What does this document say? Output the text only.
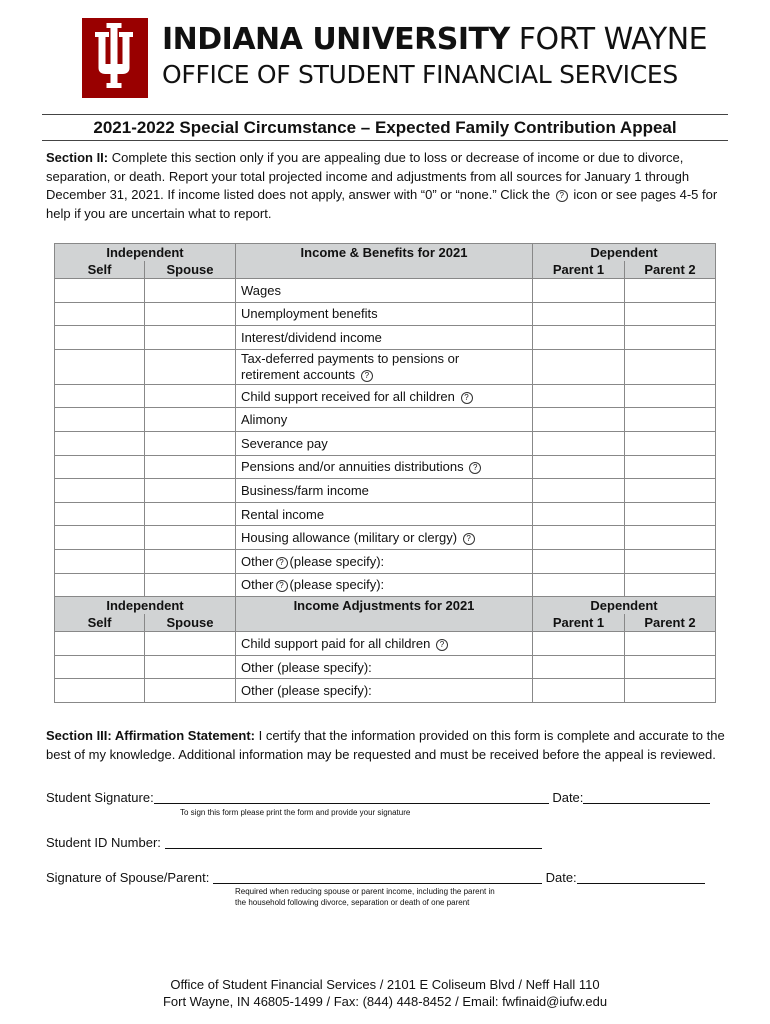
INDIANA UNIVERSITY FORT WAYNE
OFFICE OF STUDENT FINANCIAL SERVICES
2021-2022 Special Circumstance – Expected Family Contribution Appeal
Section II: Complete this section only if you are appealing due to loss or decrease of income or due to divorce, separation, or death. Report your total projected income and adjustments from all sources for January 1 through December 31, 2021. If income listed does not apply, answer with “0” or “none.” Click the ? icon or see pages 4-5 for help if you are uncertain what to report.
Independent		Income & Benefits for 2021	Dependent	
Self	Spouse		Parent 1	Parent 2
		Wages		
		Unemployment benefits		
		Interest/dividend income		
		Tax-deferred payments to pensions or
retirement accounts ?		
		Child support received for all children ?		
		Alimony		
		Severance pay		
		Pensions and/or annuities distributions ?		
		Business/farm income		
		Rental income		
		Housing allowance (military or clergy) ?		
		Other ? (please specify):		
		Other ? (please specify):		
Independent		Income Adjustments for 2021	Dependent	
Self	Spouse		Parent 1	Parent 2
		Child support paid for all children ?		
		Other (please specify):		
		Other (please specify):		
Section III: Affirmation Statement: I certify that the information provided on this form is complete and accurate to the best of my knowledge. Additional information may be requested and must be received before the appeal is reviewed.
Student Signature:	Date:
To sign this form please print the form and provide your signature
Student ID Number:
Signature of Spouse/Parent:	Date:
Required when reducing spouse or parent income, including the parent in
the household following divorce, separation or death of one parent
Office of Student Financial Services / 2101 E Coliseum Blvd / Neff Hall 110
Fort Wayne, IN 46805-1499 / Fax: (844) 448-8452 / Email: fwfinaid@iufw.edu
